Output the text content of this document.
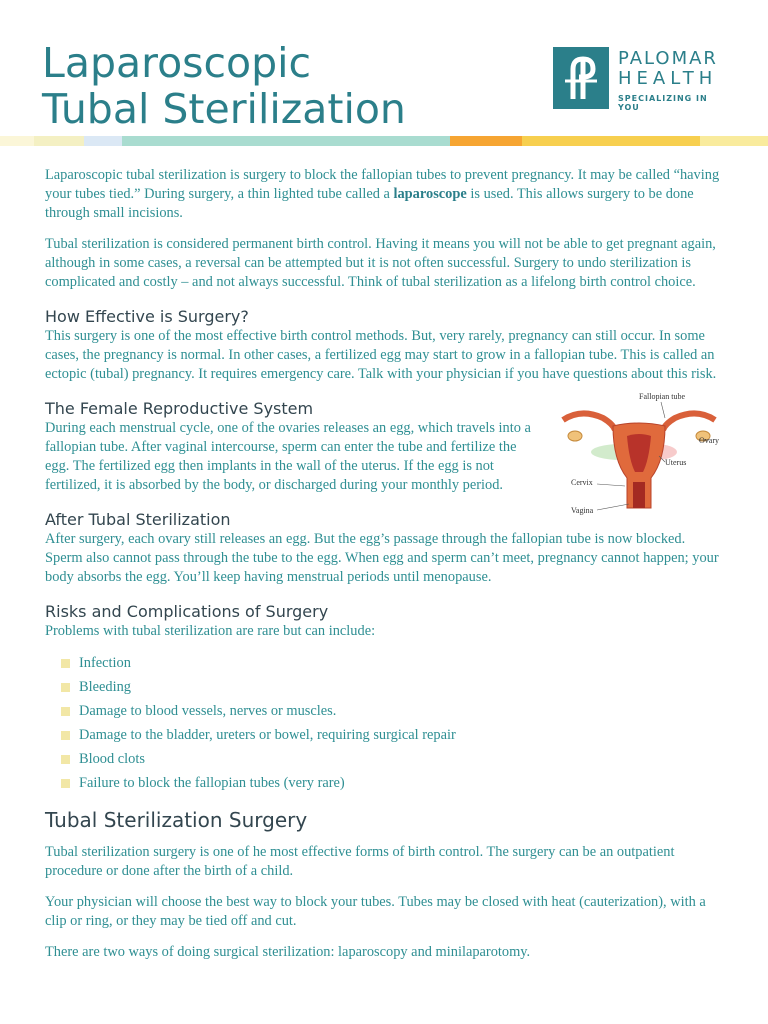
Laparoscopic
Tubal Sterilization
PALOMAR
HEALTH
SPECIALIZING IN YOU

Laparoscopic tubal sterilization is surgery to block the fallopian tubes to prevent pregnancy. It may be called “having your tubes tied.” During surgery, a thin lighted tube called a laparoscope is used. This allows surgery to be done through small incisions.

Tubal sterilization is considered permanent birth control. Having it means you will not be able to get pregnant again, although in some cases, a reversal can be attempted but it is not often successful. Surgery to undo sterilization is complicated and costly – and not always successful. Think of tubal sterilization as a lifelong birth control choice.

How Effective is Surgery?

This surgery is one of the most effective birth control methods. But, very rarely, pregnancy can still occur. In some cases, the pregnancy is normal. In other cases, a fertilized egg may start to grow in a fallopian tube. This is called an ectopic (tubal) pregnancy. It requires emergency care. Talk with your physician if you have questions about this risk.

The Female Reproductive System

During each menstrual cycle, one of the ovaries releases an egg, which travels into a fallopian tube. After vaginal intercourse, sperm can enter the tube and fertilize the egg. The fertilized egg then implants in the wall of the uterus. If the egg is not fertilized, it is absorbed by the body, or discharged during your monthly period.

After Tubal Sterilization

After surgery, each ovary still releases an egg. But the egg’s passage through the fallopian tube is now blocked. Sperm also cannot pass through the tube to the egg. When egg and sperm can’t meet, pregnancy cannot happen; your body absorbs the egg. You’ll keep having menstrual periods until menopause.

Risks and Complications of Surgery

Problems with tubal sterilization are rare but can include:

Infection
Bleeding
Damage to blood vessels, nerves or muscles.
Damage to the bladder, ureters or bowel, requiring surgical repair
Blood clots
Failure to block the fallopian tubes (very rare)
Tubal Sterilization Surgery

Tubal sterilization surgery is one of he most effective forms of birth control. The surgery can be an outpatient procedure or done after the birth of a child.

Your physician will choose the best way to block your tubes. Tubes may be closed with heat (cauterization), with a clip or ring, or they may be tied off and cut.

There are two ways of doing surgical sterilization: laparoscopy and minilaparotomy.

Fallopian tube
Ovary
Uterus
Cervix
Vagina
